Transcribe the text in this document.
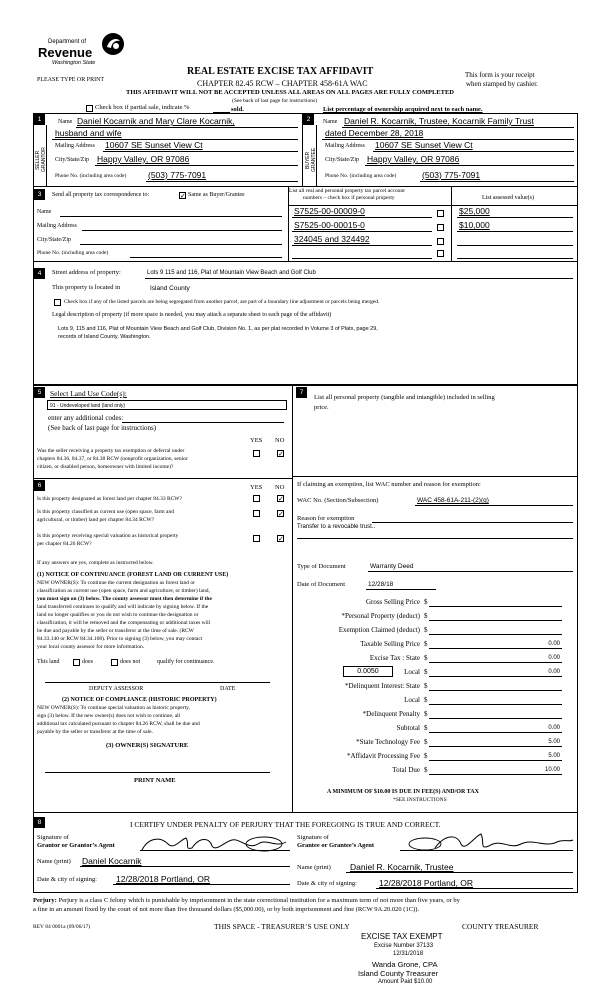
Department of
Revenue
Washington State
PLEASE TYPE OR PRINT
REAL ESTATE EXCISE TAX AFFIDAVIT
CHAPTER 82.45 RCW – CHAPTER 458-61A WAC
THIS AFFIDAVIT WILL NOT BE ACCEPTED UNLESS ALL AREAS ON ALL PAGES ARE FULLY COMPLETED
This form is your receipt
when stamped by cashier.
(See back of last page for instructions)
Check box if partial sale, indicate %	sold.	List percentage of ownership acquired next to each name.
1	2
SELLER GRANTOR	BUYER GRANTEE
Name Daniel Kocarnik and Mary Clare Kocarnik,
husband and wife
Mailing Address 10607 SE Sunset View Ct
City/State/Zip Happy Valley, OR 97086
Phone No. (including area code)	(503) 775-7091
Name Daniel R. Kocarnik, Trustee, Kocarnik Family Trust
dated December 28, 2018
Mailing Address 10607 SE Sunset View Ct
City/State/Zip Happy Valley, OR 97086
Phone No. (including area code)	(503) 775-7091
3	Send all property tax correspondence to:	✓ Same as Buyer/Grantee
Name
Mailing Address
City/State/Zip
Phone No. (including area code)
List all real and personal property tax parcel account
numbers – check box if personal property	List assessed value(s)
S7525-00-00009-0	$25,000
S7525-00-00015-0	$10,000
324045 and 324492
4	Street address of property:	Lots 9 115 and 116, Plat of Mountain View Beach and Golf Club
This property is located in	Island County
Check box if any of the listed parcels are being segregated from another parcel, are part of a boundary line adjustment or parcels being merged.
Legal description of property (if more space is needed, you may attach a separate sheet to each page of the affidavit)
Lots 9, 115 and 116, Plat of Mountain View Beach and Golf Club, Division No. 1, as per plat recorded in Volume 3 of Plats, page 29,
records of Island County, Washington.
5	Select Land Use Code(s):
91 - Undeveloped land (land only)
enter any additional codes:
(See back of last page for instructions)
YES NO
Was the seller receiving a property tax exemption or deferral under
chapters 84.36, 84.37, or 84.38 RCW (nonprofit organization, senior
citizen, or disabled person, homeowner with limited income)?
✓
6	YES NO
Is this property designated as forest land per chapter 84.33 RCW?	✓
Is this property classified as current use (open space, farm and
agricultural, or timber) land per chapter 84.34 RCW?
✓
Is this property receiving special valuation as historical property
per chapter 84.26 RCW?
✓
If any answers are yes, complete as instructed below.
(1) NOTICE OF CONTINUANCE (FOREST LAND OR CURRENT USE)
NEW OWNER(S): To continue the current designation as forest land or
classification as current use (open space, farm and agriculture, or timber) land,
you must sign on (3) below. The county assessor must then determine if the
land transferred continues to qualify and will indicate by signing below. If the
land no longer qualifies or you do not wish to continue the designation or
classification, it will be removed and the compensating or additional taxes will
be due and payable by the seller or transferor at the time of sale. (RCW
84.33.140 or RCW 84.34.108). Prior to signing (3) below, you may contact
your local county assessor for more information.
This land	does	does not	qualify for continuance.
DEPUTY ASSESSOR	DATE
(2) NOTICE OF COMPLIANCE (HISTORIC PROPERTY)
NEW OWNER(S): To continue special valuation as historic property,
sign (3) below. If the new owner(s) does not wish to continue, all
additional tax calculated pursuant to chapter 84.26 RCW, shall be due and
payable by the seller or transferor at the time of sale.
(3) OWNER(S) SIGNATURE
PRINT NAME
7
List all personal property (tangible and intangible) included in selling
price.
If claiming an exemption, list WAC number and reason for exemption:
WAC No. (Section/Subsection)	WAC 458-61A-211-(2)(g)
Reason for exemption
Transfer to a revocable trust..
Type of Document	Warranty Deed
Date of Document	12/28/18
Gross Selling Price $
*Personal Property (deduct) $
Exemption Claimed (deduct) $
Taxable Selling Price $	0.00
Excise Tax : State $	0.00
0.0050	Local $	0.00
*Delinquent Interest: State $
Local $
*Delinquent Penalty $
Subtotal $	0.00
*State Technology Fee $	5.00
*Affidavit Processing Fee $	5.00
Total Due $	10.00
A MINIMUM OF $10.00 IS DUE IN FEE(S) AND/OR TAX
*SEE INSTRUCTIONS
8	I CERTIFY UNDER PENALTY OF PERJURY THAT THE FOREGOING IS TRUE AND CORRECT.
Signature of
Grantor or Grantor’s Agent
Signature of
Grantee or Grantee’s Agent
Name (print) Daniel Kocarnik
Name (print) Daniel R. Kocarnik, Trustee
Date & city of signing: 12/28/2018 Portland, OR	Date & city of signing:	12/28/2018 Portland, OR
Perjury: Perjury is a class C felony which is punishable by imprisonment in the state correctional institution for a maximum term of not more than five years, or by
a fine in an amount fixed by the court of not more than five thousand dollars ($5,000.00), or by both imprisonment and fine (RCW 9A.20.020 (1C)).
REV 84 0001a (09/06/17)	THIS SPACE - TREASURER’S USE ONLY	COUNTY TREASURER
EXCISE TAX EXEMPT
Excise Number 37133
12/31/2018
Wanda Grone, CPA
Island County Treasurer
Amount Paid $10.00
